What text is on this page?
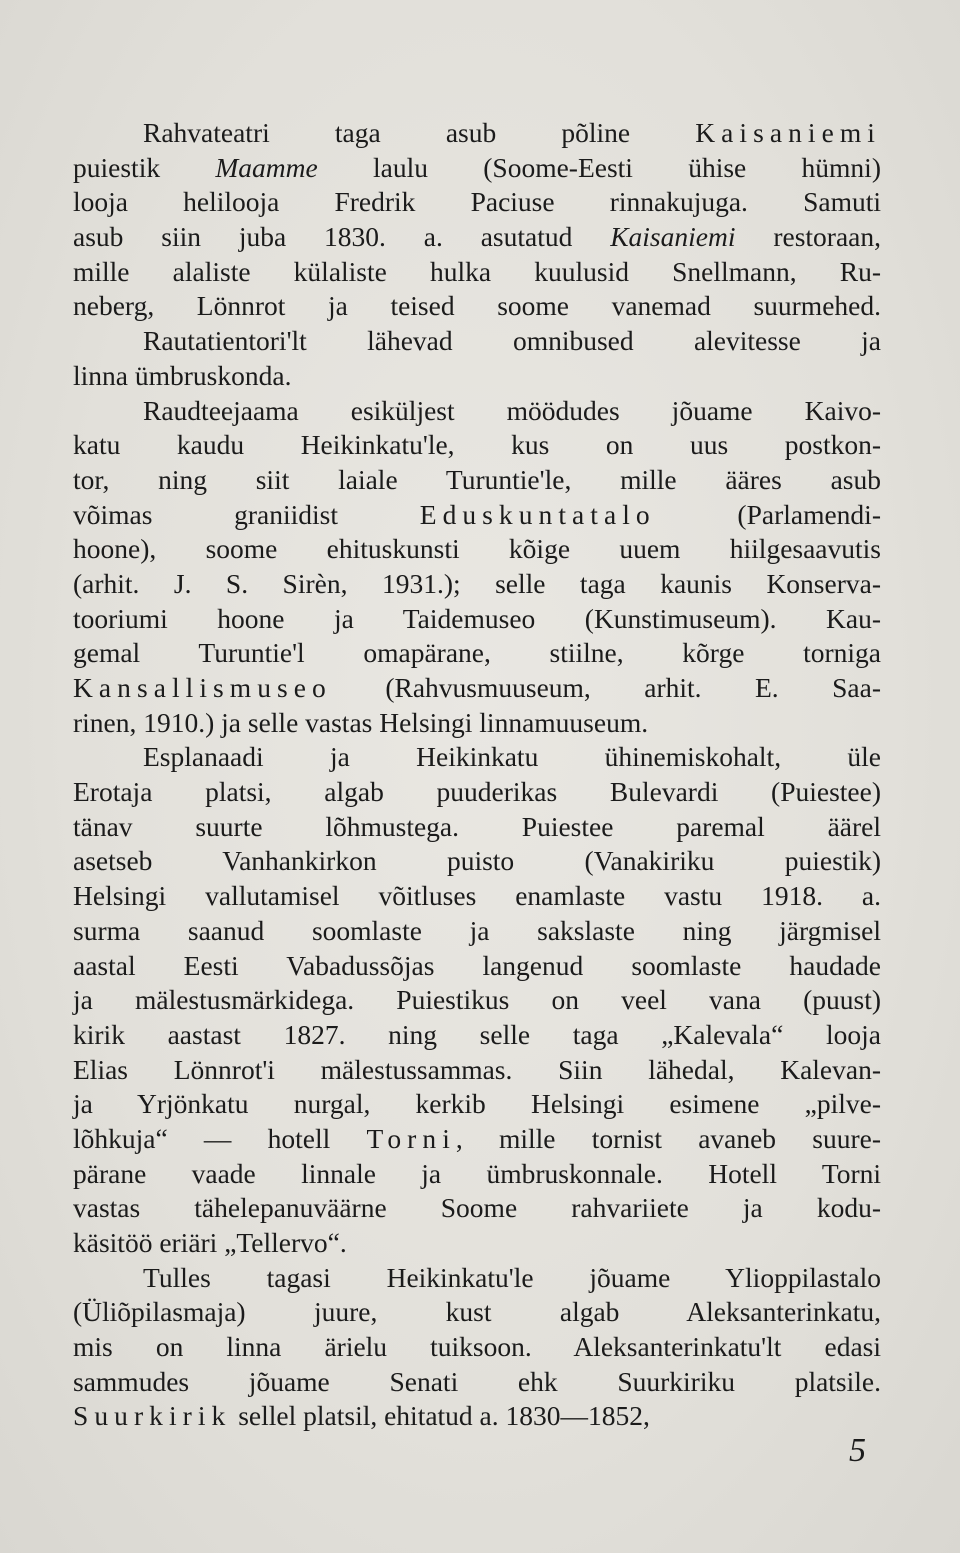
Rahvateatri taga asub põline Kaisaniemi
puiestik Maamme laulu (Soome-Eesti ühise hümni)
looja helilooja Fredrik Paciuse rinnakujuga. Samuti
asub siin juba 1830. a. asutatud Kaisaniemi restoraan,
mille alaliste külaliste hulka kuulusid Snellmann, Ru-
neberg, Lönnrot ja teised soome vanemad suurmehed.
Rautatientori'lt lähevad omnibused alevitesse ja
linna ümbruskonda.
Raudteejaama esiküljest möödudes jõuame Kaivo-
katu kaudu Heikinkatu'le, kus on uus postkon-
tor, ning siit laiale Turuntie'le, mille ääres asub
võimas graniidist Eduskuntatalo (Parlamendi-
hoone), soome ehituskunsti kõige uuem hiilgesaavutis
(arhit. J. S. Sirèn, 1931.); selle taga kaunis Konserva-
tooriumi hoone ja Taidemuseo (Kunstimuseum). Kau-
gemal Turuntie'l omapärane, stiilne, kõrge torniga
Kansallismuseo (Rahvusmuuseum, arhit. E. Saa-
rinen, 1910.) ja selle vastas Helsingi linnamuuseum.
Esplanaadi ja Heikinkatu ühinemiskohalt, üle
Erotaja platsi, algab puuderikas Bulevardi (Puiestee)
tänav suurte lõhmustega. Puiestee paremal äärel
asetseb Vanhankirkon puisto (Vanakiriku puiestik)
Helsingi vallutamisel võitluses enamlaste vastu 1918. a.
surma saanud soomlaste ja sakslaste ning järgmisel
aastal Eesti Vabadussõjas langenud soomlaste haudade
ja mälestusmärkidega. Puiestikus on veel vana (puust)
kirik aastast 1827. ning selle taga „Kalevala“ looja
Elias Lönnrot'i mälestussammas. Siin lähedal, Kalevan-
ja Yrjönkatu nurgal, kerkib Helsingi esimene „pilve-
lõhkuja“ — hotell Torni, mille tornist avaneb suure-
pärane vaade linnale ja ümbruskonnale. Hotell Torni
vastas tähelepanuväärne Soome rahvariiete ja kodu-
käsitöö eriäri „Tellervo“.
Tulles tagasi Heikinkatu'le jõuame Ylioppilastalo
(Üliõpilasmaja) juure, kust algab Aleksanterinkatu,
mis on linna ärielu tuiksoon. Aleksanterinkatu'lt edasi
sammudes jõuame Senati ehk Suurkiriku platsile.
Suurkirik sellel platsil, ehitatud a. 1830—1852,
5
